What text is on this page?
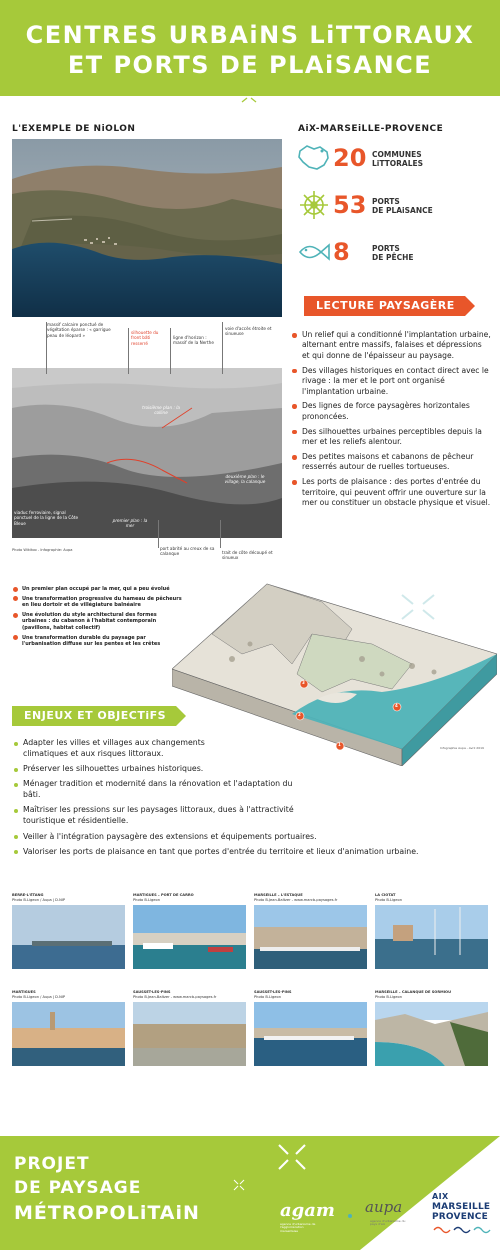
CENTRES URBAiNS LiTTORAUX
ET PORTS DE PLAiSANCE
L'EXEMPLE DE NiOLON
massif calcaire ponctué de végétation éparse : « garrigue peau de léopard »
silhouette du front bâti resserré
ligne d'horizon : massif de la Nerthe
voie d'accès étroite et sinueuse
troisième plan : la colline
deuxième plan : le village, la calanque
viaduc ferroviaire, signal ponctuel de la ligne de la Côte Bleue
premier plan : la mer
port abrité au creux de sa calanque	trait de côte découpé et sinueux
Photo Wikitoo - Infographie: Aupa
AiX-MARSEiLLE-PROVENCE
20 COMMUNES
LiTTORALES
53 PORTS
DE PLAiSANCE
8	PORTS
DE PÊCHE
LECTURE PAYSAGÈRE
Un relief qui a conditionné l'implantation urbaine, alternant entre massifs, falaises et dépressions et qui donne de l'épaisseur au paysage.
Des villages historiques en contact direct avec le rivage : la mer et le port ont organisé l'implantation urbaine.
Des lignes de force paysagères horizontales prononcées.
Des silhouettes urbaines perceptibles depuis la mer et les reliefs alentour.
Des petites maisons et cabanons de pêcheur resserrés autour de ruelles tortueuses.
Les ports de plaisance : des portes d'entrée du territoire, qui peuvent offrir une ouverture sur la mer ou constituer un obstacle physique et visuel.
Un premier plan occupé par la mer, qui a peu évolué
Une transformation progressive du hameau de pêcheurs en lieu dortoir et de villégiature balnéaire
Une évolution du style architectural des formes urbaines : du cabanon à l'habitat contemporain (pavillons, habitat collectif)
Une transformation durable du paysage par l'urbanisation diffuse sur les pentes et les crêtes
1
2
3
4
Infographie Aupa - Avril 2019
ENJEUX ET OBJECTiFS
Adapter les villes et villages aux changements climatiques et aux risques littoraux.
Préserver les silhouettes urbaines historiques.
Ménager tradition et modernité dans la rénovation et l'adaptation du bâti.
Maîtriser les pressions sur les paysages littoraux, dues à l'attractivité touristique et résidentielle.
Veiller à l'intégration paysagère des extensions et équipements portuaires.
Valoriser les ports de plaisance en tant que portes d'entrée du territoire et lieux d'animation urbaine.
BERRE-L'ÉTANG
Photo B.Ligeon / Aupa | D.NIP
MARTIGUES – PORT DE CARRO
Photo B.Ligeon
MARSEILLE – L'ESTAQUE
Photo B.Jean-Baltzer - www.marcb-paysages.fr
LA CIOTAT
Photo B.Ligeon
MARTIGUES
Photo B.Ligeon / Aupa | D.NIP
SAUSSET-LES-PINS
Photo B.Jean-Baltzer - www.marcb-paysages.fr
SAUSSET-LES-PINS
Photo B.Ligeon
MARSEILLE – CALANQUE DE SORMIOU
Photo B.Ligeon
PROJET
DE PAYSAGE
MÉTROPOLiTAiN	agam
agence d'urbanisme de l'agglomération marseillaise
aupa
agence d'urbanisme du pays d'aix
AIX
MARSEILLE
PROVENCE
